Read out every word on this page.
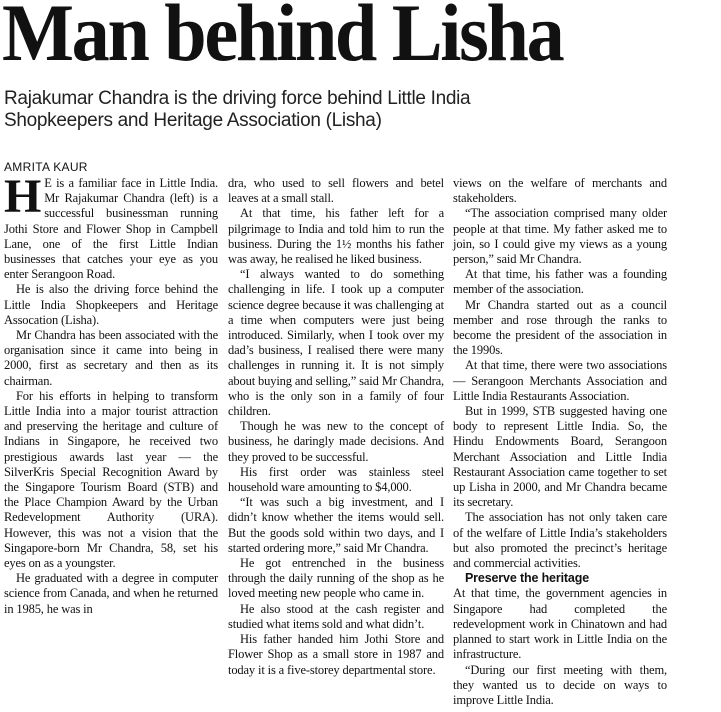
Man behind Lisha
Rajakumar Chandra is the driving force behind Little India Shopkeepers and Heritage Association (Lisha)
AMRITA KAUR

H E is a familiar face in Little India. Mr Rajakumar Chandra (left) is a successful businessman running Jothi Store and Flower Shop in Campbell Lane, one of the first Little Indian businesses that catches your eye as you enter Serangoon Road.

He is also the driving force behind the Little India Shopkeepers and Heritage Assocation (Lisha).

Mr Chandra has been associated with the organisation since it came into being in 2000, first as secretary and then as its chairman.

For his efforts in helping to transform Little India into a major tourist attraction and preserving the heritage and culture of Indians in Singapore, he received two prestigious awards last year — the SilverKris Special Recognition Award by the Singapore Tourism Board (STB) and the Place Champion Award by the Urban Redevelopment Authority (URA). However, this was not a vision that the Singapore-born Mr Chandra, 58, set his eyes on as a youngster.

He graduated with a degree in computer science from Canada, and when he returned in 1985, he was in

dra, who used to sell flowers and betel leaves at a small stall.

At that time, his father left for a pilgrimage to India and told him to run the business. During the 1½ months his father was away, he realised he liked business.

“I always wanted to do something challenging in life. I took up a computer science degree because it was challenging at a time when computers were just being introduced. Similarly, when I took over my dad’s business, I realised there were many challenges in running it. It is not simply about buying and selling,” said Mr Chandra, who is the only son in a family of four children.

Though he was new to the concept of business, he daringly made decisions. And they proved to be successful.

His first order was stainless steel household ware amounting to $4,000.

“It was such a big investment, and I didn’t know whether the items would sell. But the goods sold within two days, and I started ordering more,” said Mr Chandra.

He got entrenched in the business through the daily running of the shop as he loved meeting new people who came in.

He also stood at the cash register and studied what items sold and what didn’t.

His father handed him Jothi Store and Flower Shop as a small store in 1987 and today it is a five-storey departmental store.

views on the welfare of merchants and stakeholders.

“The association comprised many older people at that time. My father asked me to join, so I could give my views as a young person,” said Mr Chandra.

At that time, his father was a founding member of the association.

Mr Chandra started out as a council member and rose through the ranks to become the president of the association in the 1990s.

At that time, there were two associations — Serangoon Merchants Association and Little India Restaurants Association.

But in 1999, STB suggested having one body to represent Little India. So, the Hindu Endowments Board, Serangoon Merchant Association and Little India Restaurant Association came together to set up Lisha in 2000, and Mr Chandra became its secretary.

The association has not only taken care of the welfare of Little India’s stakeholders but also promoted the precinct’s heritage and commercial activities.

Preserve the heritage

At that time, the government agencies in Singapore had completed the redevelopment work in Chinatown and had planned to start work in Little India on the infrastructure.

“During our first meeting with them, they wanted us to decide on ways to improve Little India.
